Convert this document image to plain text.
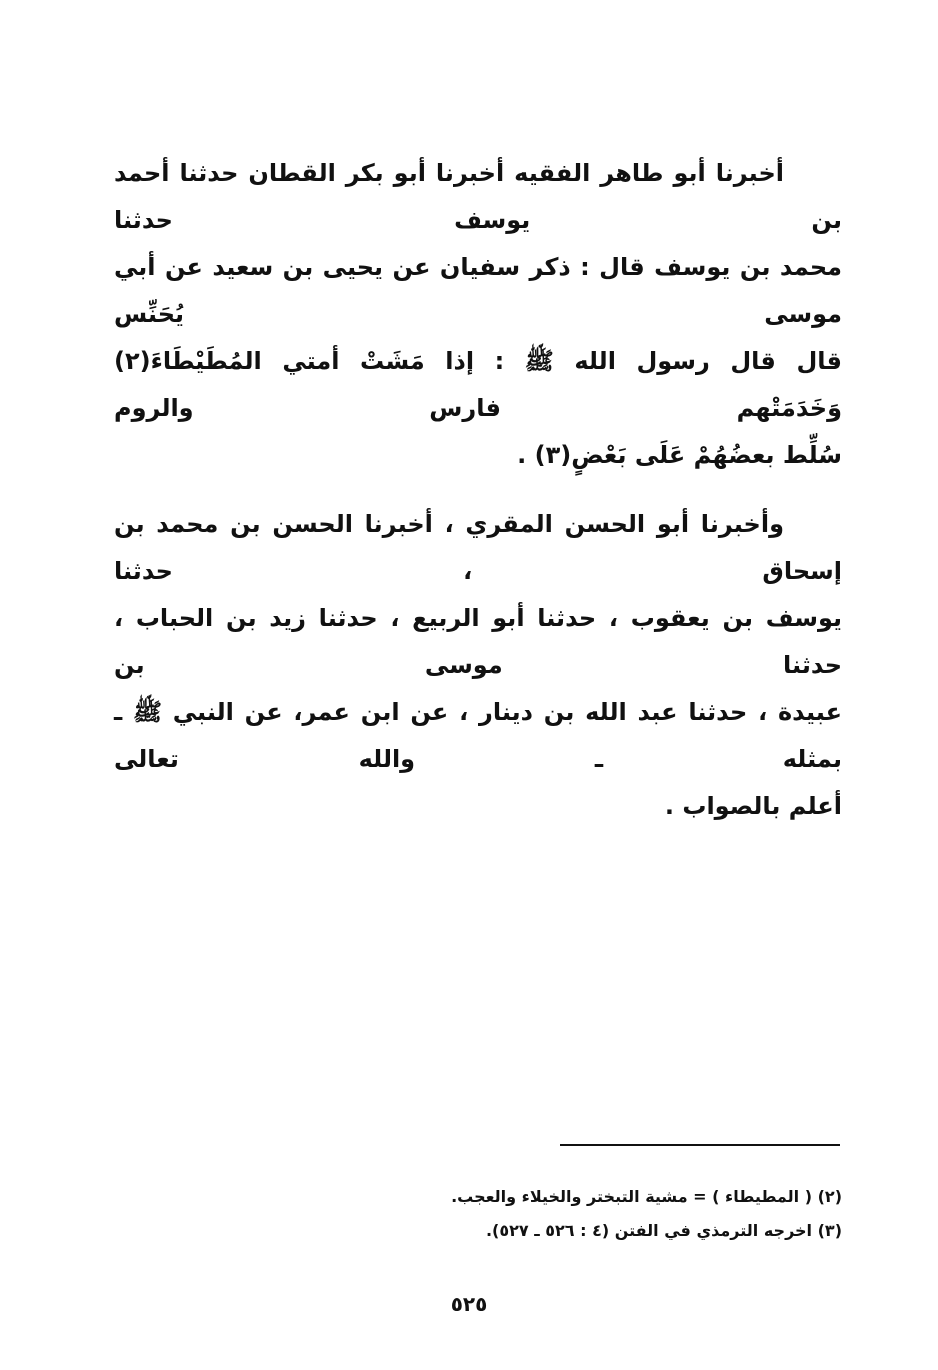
أخبرنا أبو طاهر الفقيه أخبرنا أبو بكر القطان حدثنا أحمد بن يوسف حدثنا
محمد بن يوسف قال : ذكر سفيان عن يحيى بن سعيد عن أبي موسى يُحَنِّس
قال قال رسول الله ﷺ : إذا مَشَتْ أمتي المُطَيْطَاءَ(٢) وَخَدَمَتْهم فارس والروم
سُلِّط بعضُهُمْ عَلَى بَعْضٍ(٣) .

وأخبرنا أبو الحسن المقري ، أخبرنا الحسن بن محمد بن إسحاق ، حدثنا
يوسف بن يعقوب ، حدثنا أبو الربيع ، حدثنا زيد بن الحباب ، حدثنا موسى بن
عبيدة ، حدثنا عبد الله بن دينار ، عن ابن عمر، عن النبي ﷺ ـ بمثله ـ والله تعالى
أعلم بالصواب .

(٢) ( المطيطاء ) = مشية التبختر والخيلاء والعجب.

(٣) اخرجه الترمذي في الفتن (٤ : ٥٢٦ ـ ٥٢٧).

٥٢٥
